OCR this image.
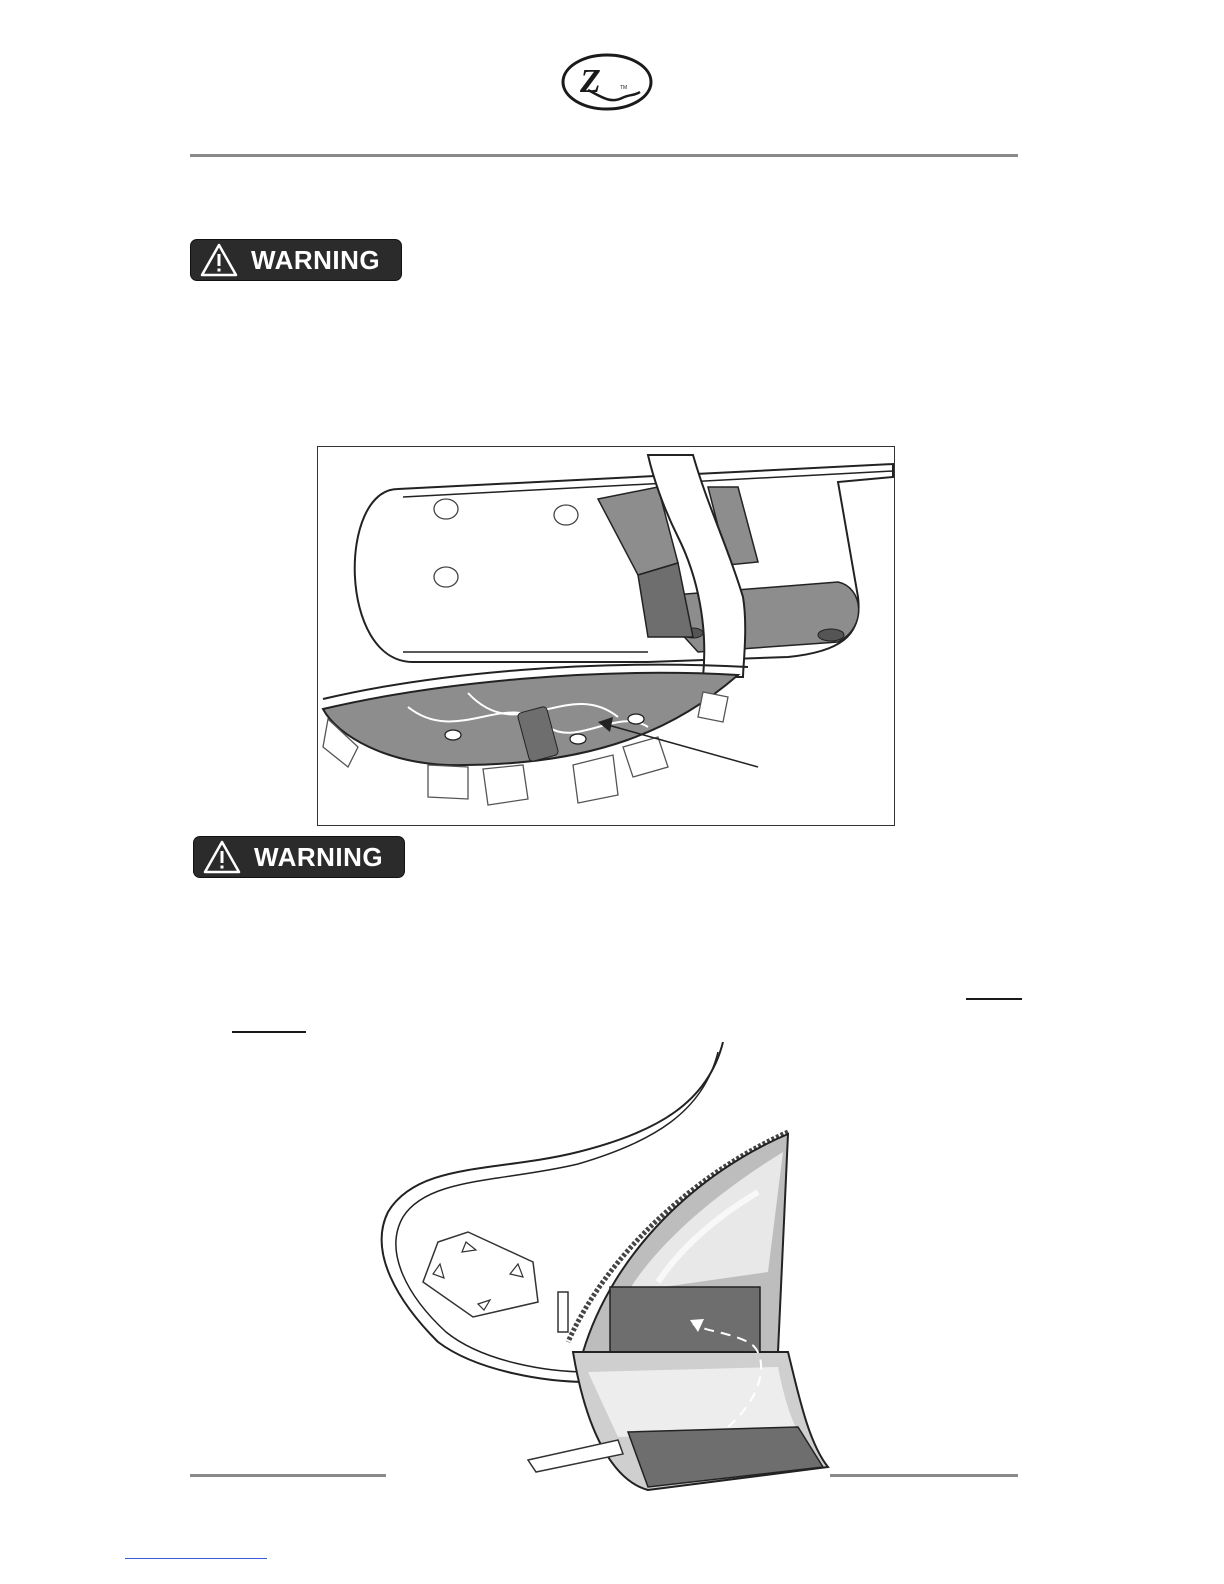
Z	TM
WARNING
WARNING
